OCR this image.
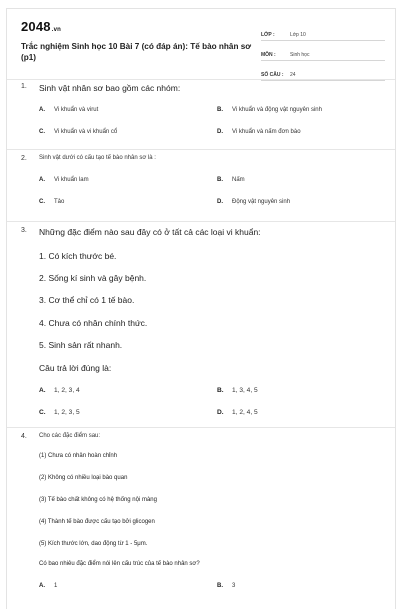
2048.vn
Trắc nghiệm Sinh học 10 Bài 7 (có đáp án): Tế bào nhân sơ (p1)
LỚP :	Lớp 10
MÔN :	Sinh học
SỐ CÂU : 24
1. Sinh vật nhân sơ bao gồm các nhóm:
A. Vi khuẩn và virut	B. Vi khuẩn và động vật nguyên sinh
C. Vi khuẩn và vi khuẩn cổ	D. Vi khuẩn và nấm đơn bào
2. Sinh vật dưới có cấu tạo tế bào nhân sơ là :
A. Vi khuẩn lam	B. Nấm
C. Tảo	D. Động vật nguyên sinh
3. Những đặc điểm nào sau đây có ở tất cả các loại vi khuẩn:
1. Có kích thước bé.
2. Sống kí sinh và gây bệnh.
3. Cơ thể chỉ có 1 tế bào.
4. Chưa có nhân chính thức.
5. Sinh sản rất nhanh.
Câu trả lời đúng là:
A. 1, 2, 3, 4	B. 1, 3, 4, 5
C. 1, 2, 3, 5	D. 1, 2, 4, 5
4. Cho các đặc điểm sau:
(1) Chưa có nhân hoàn chỉnh
(2) Không có nhiều loại bào quan
(3) Tế bào chất không có hệ thống nội màng
(4) Thành tế bào được cấu tạo bởi glicogen
(5) Kích thước lớn, dao động từ 1 - 5μm.
Có bao nhiêu đặc điểm nói lên cấu trúc của tế bào nhân sơ?
A. 1	B. 3
